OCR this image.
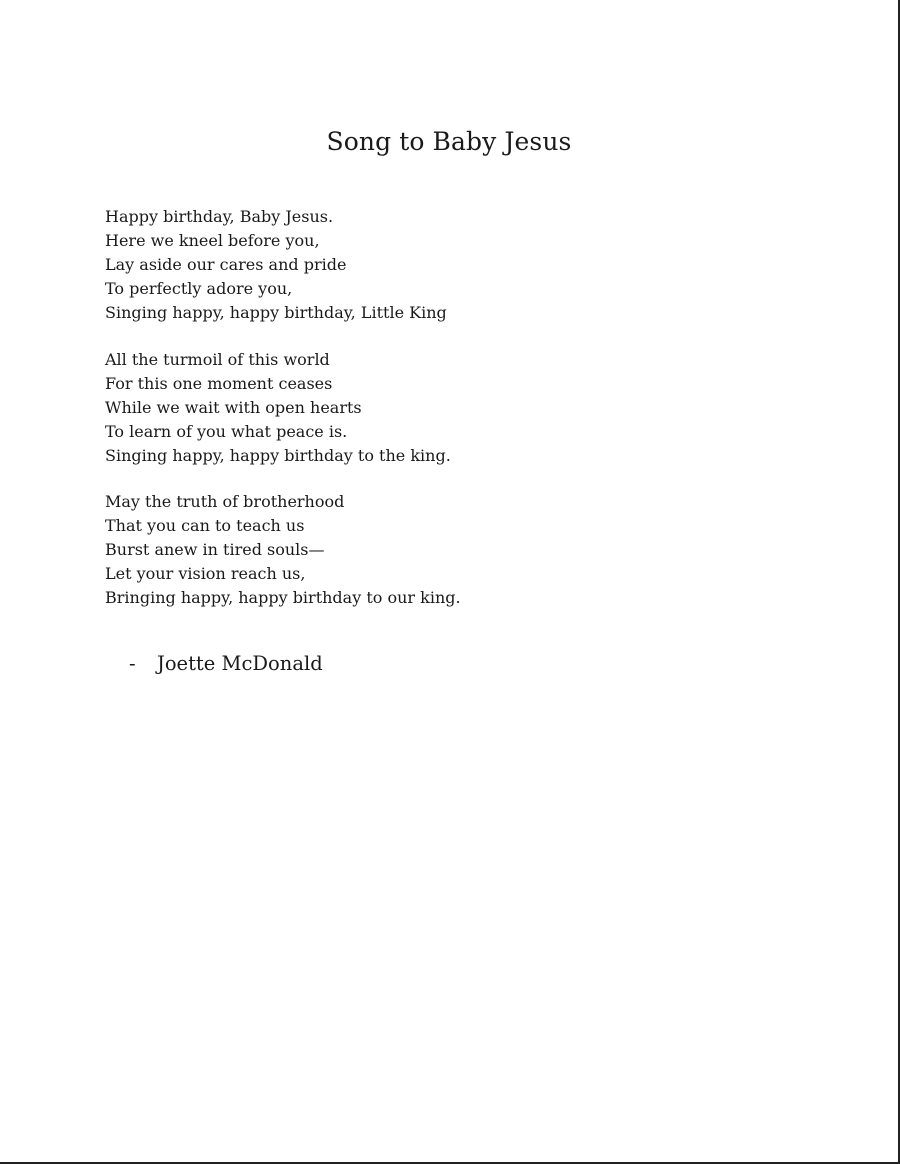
Song to Baby Jesus

Happy birthday, Baby Jesus.
Here we kneel before you,
Lay aside our cares and pride
To perfectly adore you,
Singing happy, happy birthday, Little King

All the turmoil of this world
For this one moment ceases
While we wait with open hearts
To learn of you what peace is.
Singing happy, happy birthday to the king.

May the truth of brotherhood
That you can to teach us
Burst anew in tired souls—
Let your vision reach us,
Bringing happy, happy birthday to our king.

- Joette McDonald
